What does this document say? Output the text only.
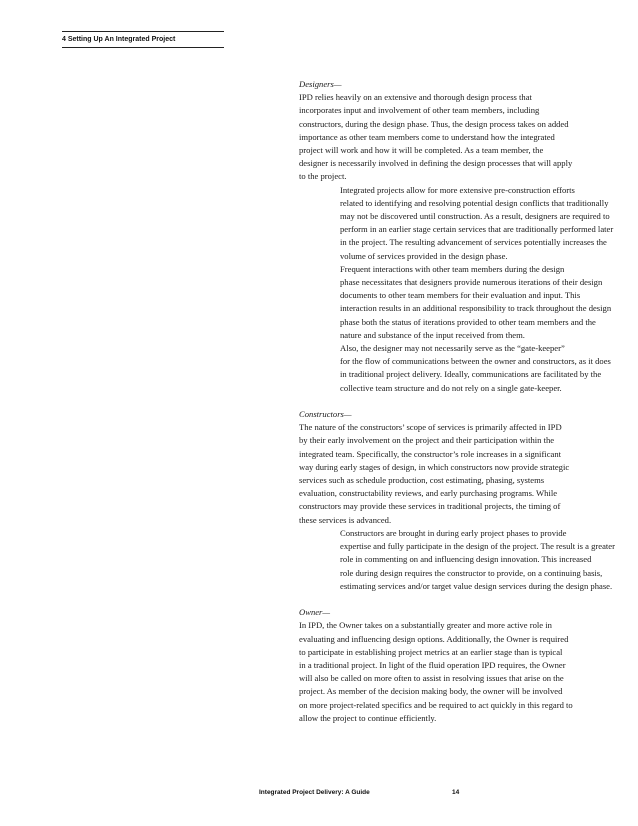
4 Setting Up An Integrated Project

Designers—

IPD relies heavily on an extensive and thorough design process that
incorporates input and involvement of other team members, including
constructors, during the design phase. Thus, the design process takes on added
importance as other team members come to understand how the integrated
project will work and how it will be completed. As a team member, the
designer is necessarily involved in defining the design processes that will apply
to the project.

Integrated projects allow for more extensive pre-construction efforts
related to identifying and resolving potential design conflicts that traditionally
may not be discovered until construction. As a result, designers are required to
perform in an earlier stage certain services that are traditionally performed later
in the project. The resulting advancement of services potentially increases the
volume of services provided in the design phase.

Frequent interactions with other team members during the design
phase necessitates that designers provide numerous iterations of their design
documents to other team members for their evaluation and input. This
interaction results in an additional responsibility to track throughout the design
phase both the status of iterations provided to other team members and the
nature and substance of the input received from them.

Also, the designer may not necessarily serve as the “gate-keeper”
for the flow of communications between the owner and constructors, as it does
in traditional project delivery. Ideally, communications are facilitated by the
collective team structure and do not rely on a single gate-keeper.

Constructors—

The nature of the constructors’ scope of services is primarily affected in IPD
by their early involvement on the project and their participation within the
integrated team. Specifically, the constructor’s role increases in a significant
way during early stages of design, in which constructors now provide strategic
services such as schedule production, cost estimating, phasing, systems
evaluation, constructability reviews, and early purchasing programs. While
constructors may provide these services in traditional projects, the timing of
these services is advanced.

Constructors are brought in during early project phases to provide
expertise and fully participate in the design of the project. The result is a greater
role in commenting on and influencing design innovation. This increased
role during design requires the constructor to provide, on a continuing basis,
estimating services and/or target value design services during the design phase.

Owner—

In IPD, the Owner takes on a substantially greater and more active role in
evaluating and influencing design options. Additionally, the Owner is required
to participate in establishing project metrics at an earlier stage than is typical
in a traditional project. In light of the fluid operation IPD requires, the Owner
will also be called on more often to assist in resolving issues that arise on the
project. As member of the decision making body, the owner will be involved
on more project-related specifics and be required to act quickly in this regard to
allow the project to continue efficiently.

Integrated Project Delivery: A Guide	14
